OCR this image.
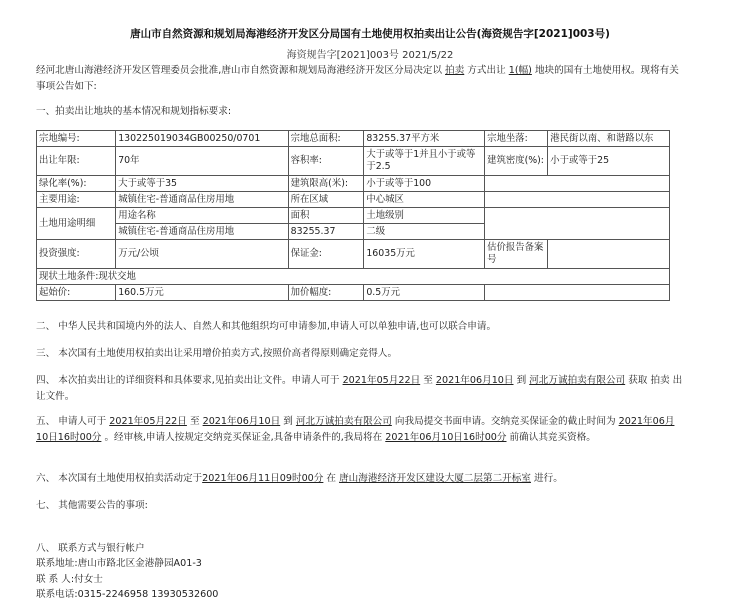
唐山市自然资源和规划局海港经济开发区分局国有土地使用权拍卖出让公告(海资规告字[2021]003号)
海资规告字[2021]003号 2021/5/22
经河北唐山海港经济开发区管理委员会批准,唐山市自然资源和规划局海港经济开发区分局决定以 拍卖 方式出让 1(幅) 地块的国有土地使用权。现将有关事项公告如下:
一、拍卖出让地块的基本情况和规划指标要求:
宗地编号:	130225019034GB00250/0701	宗地总面积:	83255.37平方米	宗地坐落:	港民街以南、和谐路以东
出让年限:	70年	容积率:	大于或等于1并且小于或等于2.5	建筑密度(%):	小于或等于25
绿化率(%):	大于或等于35	建筑限高(米):	小于或等于100		
主要用途:	城镇住宅-普通商品住房用地	所在区域	中心城区		
土地用途明细	用途名称	面积	土地级别		
	城镇住宅-普通商品住房用地	83255.37	二级		
投资强度:	万元/公顷	保证金:	16035万元	估价报告备案号	
现状土地条件:现状交地					
起始价:	160.5万元	加价幅度:	0.5万元		
二、 中华人民共和国境内外的法人、自然人和其他组织均可申请参加,申请人可以单独申请,也可以联合申请。
三、 本次国有土地使用权拍卖出让采用增价拍卖方式,按照价高者得原则确定竞得人。
四、 本次拍卖出让的详细资料和具体要求,见拍卖出让文件。申请人可于 2021年05月22日 至 2021年06月10日 到 河北万诚拍卖有限公司 获取 拍卖 出让文件。
五、 申请人可于 2021年05月22日 至 2021年06月10日 到 河北万诚拍卖有限公司 向我局提交书面申请。交纳竞买保证金的截止时间为 2021年06月10日16时00分 。经审核,申请人按规定交纳竞买保证金,具备申请条件的,我局将在 2021年06月10日16时00分 前确认其竞买资格。
六、 本次国有土地使用权拍卖活动定于2021年06月11日09时00分 在 唐山海港经济开发区建设大厦二层第二开标室 进行。
七、 其他需要公告的事项:
八、 联系方式与银行帐户
联系地址:唐山市路北区金港静园A01-3
联 系 人:付女士
联系电话:0315-2246958 13930532600
